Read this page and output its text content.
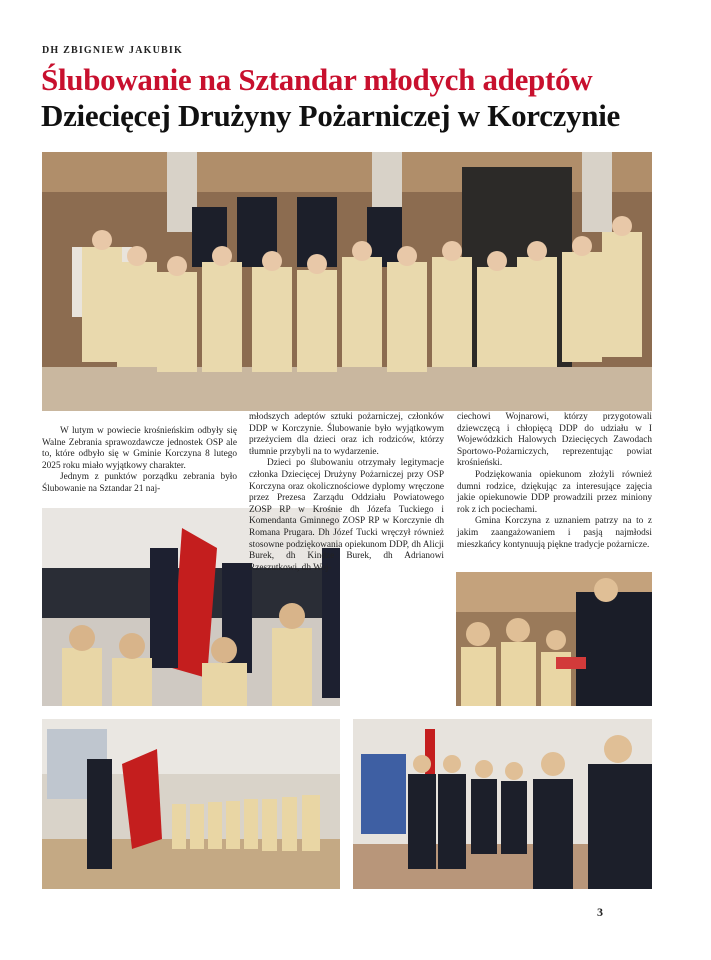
DH ZBIGNIEW JAKUBIK
Ślubowanie na Sztandar młodych adeptów
Dziecięcej Drużyny Pożarniczej w Korczynie

W lutym w powiecie krośnieńskim odbyły się Walne Zebrania sprawozdawcze jednostek OSP ale to, które odbyło się w Gminie Korczyna 8 lutego 2025 roku miało wyjątkowy charakter.

Jednym z punktów porządku zebrania było Ślubowanie na Sztandar 21 naj-

młodszych adeptów sztuki pożarniczej, członków DDP w Korczynie. Ślubowanie było wyjątkowym przeżyciem dla dzieci oraz ich rodziców, którzy tłumnie przybyli na to wydarzenie.

Dzieci po ślubowaniu otrzymały legitymacje członka Dziecięcej Drużyny Pożarniczej przy OSP Korczyna oraz okolicznościowe dyplomy wręczone przez Prezesa Zarządu Oddziału Powiatowego ZOSP RP w Krośnie dh Józefa Tuckiego i Komendanta Gminnego ZOSP RP w Korczynie dh Romana Prugara. Dh Józef Tucki wręczył również stosowne podziękowania opiekunom DDP, dh Alicji Burek, dh Kindze Burek, dh Adrianowi Rzeszutkowi, dh Woj-

ciechowi Wojnarowi, którzy przygotowali dziewczęcą i chłopięcą DDP do udziału w I Wojewódzkich Halowych Dziecięcych Zawodach Sportowo-Pożarniczych, reprezentując powiat krośnieński.

Podziękowania opiekunom złożyli również dumni rodzice, dziękując za interesujące zajęcia jakie opiekunowie DDP prowadzili przez miniony rok z ich pociechami.

Gmina Korczyna z uznaniem patrzy na to z jakim zaangażowaniem i pasją najmłodsi mieszkańcy kontynuują piękne tradycje pożarnicze.

3
